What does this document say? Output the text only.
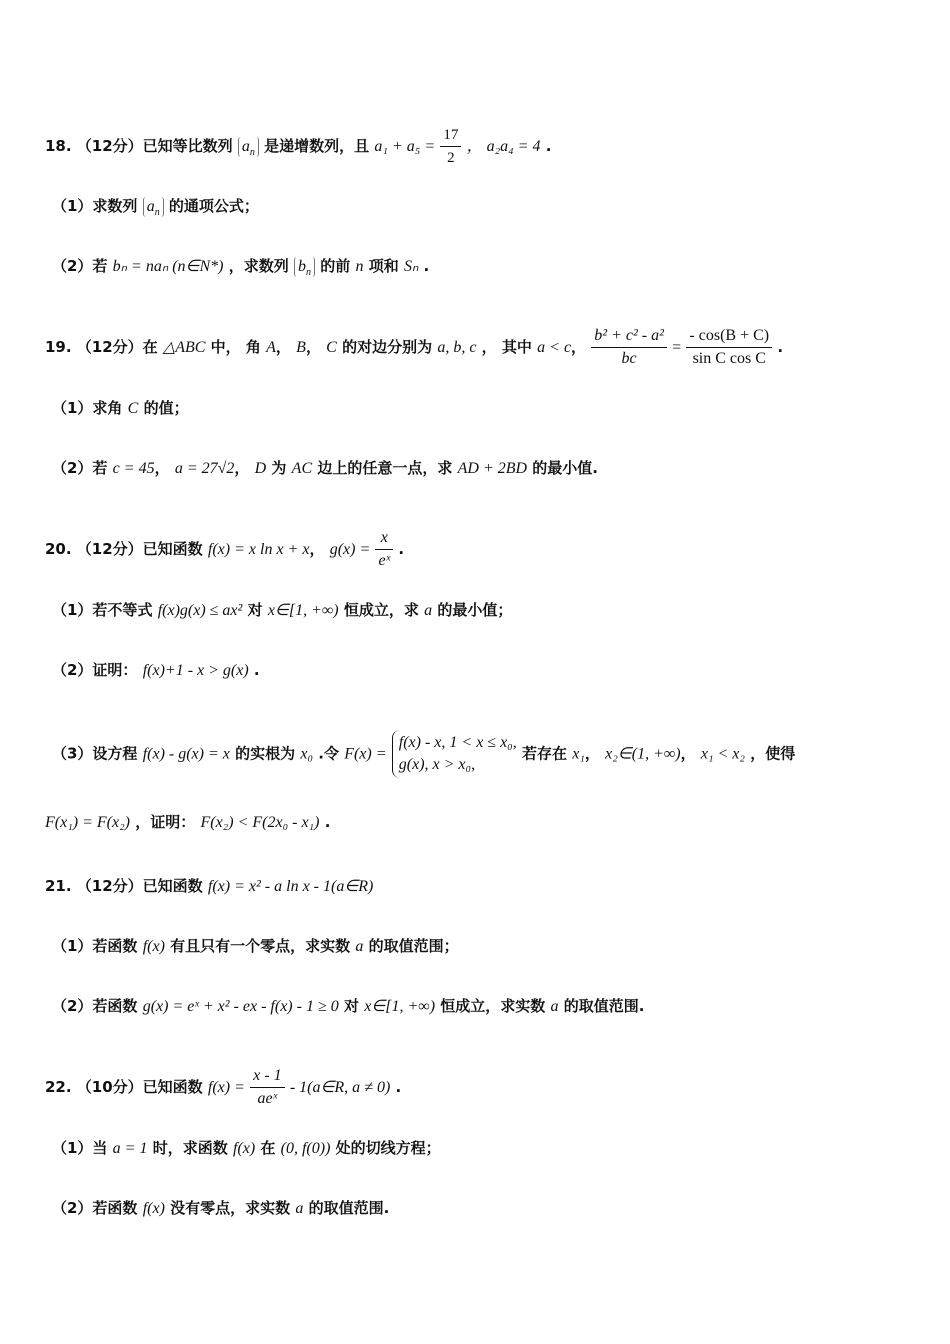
18. （12分）已知等比数列 $a_n$ 是递增数列，且 $a_1 + a_5 = \frac{17}{2}$ ， a₂a₄ = 4 .
（1）求数列 $a_n$ 的通项公式；
（2）若 bₙ = naₙ (n∈N*) ，求数列 $b_n$ 的前 n 项和 Sₙ .
19. （12分）在 △ABC 中， 角 A， B， C 的对边分别为 a, b, c ， 其中 a < c， $\frac{\text{b² + c² - a²}}{bc} = \frac{- \cos(B + C)}{\text{sin C cos C}}$ .
（1）求角 C 的值；
（2）若 c = 45， a = 27√2， D 为 AC 边上的任意一点，求 AD + 2BD 的最小值.
20. （12分）已知函数 f(x) = x ln x + x， $g(x) = \frac{x}{\text{eˣ}}$ .
（1）若不等式 f(x)g(x) ≤ ax² 对 x∈[1, +∞) 恒成立，求 a 的最小值；
（2）证明： f(x)+1 - x > g(x) .
（3）设方程 f(x) - g(x) = x 的实根为 x₀ .令 F(x) =
f(x) - x, 1 < x ≤ x₀,
g(x), x > x₀,
若存在 x₁， x₂∈(1, +∞)， x₁ < x₂ ，使得
F(x₁) = F(x₂) ，证明： F(x₂) < F(2x₀ - x₁) .
21. （12分）已知函数 f(x) = x² - a ln x - 1(a∈R)
（1）若函数 f(x) 有且只有一个零点，求实数 a 的取值范围；
（2）若函数 g(x) = eˣ + x² - ex - f(x) - 1 ≥ 0 对 x∈[1, +∞) 恒成立，求实数 a 的取值范围.
22. （10分）已知函数 $f(x) = \frac{x - 1}{\text{aeˣ}}$ - 1(a∈R, a ≠ 0) .
（1）当 a = 1 时，求函数 f(x) 在 (0, f(0)) 处的切线方程；
（2）若函数 f(x) 没有零点，求实数 a 的取值范围.
